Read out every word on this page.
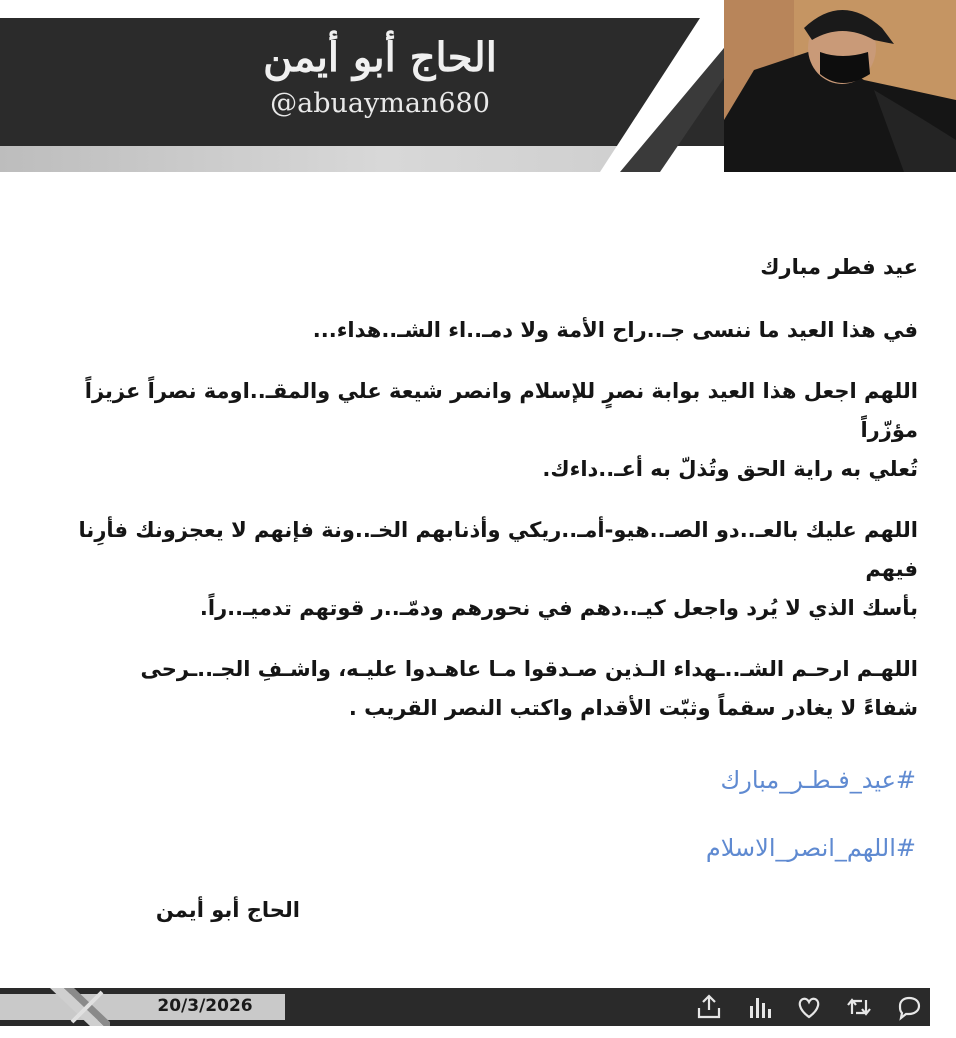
الحاج أبو أيمن
@abuayman680

عيد فطر مبارك

في هذا العيد ما ننسى جـ..راح الأمة ولا دمـ..اء الشـ..هداء...

اللهم اجعل هذا العيد بوابة نصرٍ للإسلام وانصر شيعة علي والمقـ..اومة نصراً عزيزاً مؤزّراً

تُعلي به راية الحق وتُذلّ به أعـ..داءك.

اللهم عليك بالعـ..دو الصـ..هيو-أمـ..ريكي وأذنابهم الخـ..ونة فإنهم لا يعجزونك فأرِنا فيهم

بأسك الذي لا يُرد واجعل كيـ..دهم في نحورهم ودمّـ..ر قوتهم تدميـ..راً.

اللهـم ارحـم الشـ..ـهداء الـذين صـدقوا مـا عاهـدوا عليـه، واشـفِ الجـ..ـرحى

شفاءً لا يغادر سقماً وثبّت الأقدام واكتب النصر القريب .

#عيد_فـطـر_مبارك
#اللهم_انصر_الاسلام
الحاج أبو أيمن
20/3/2026
